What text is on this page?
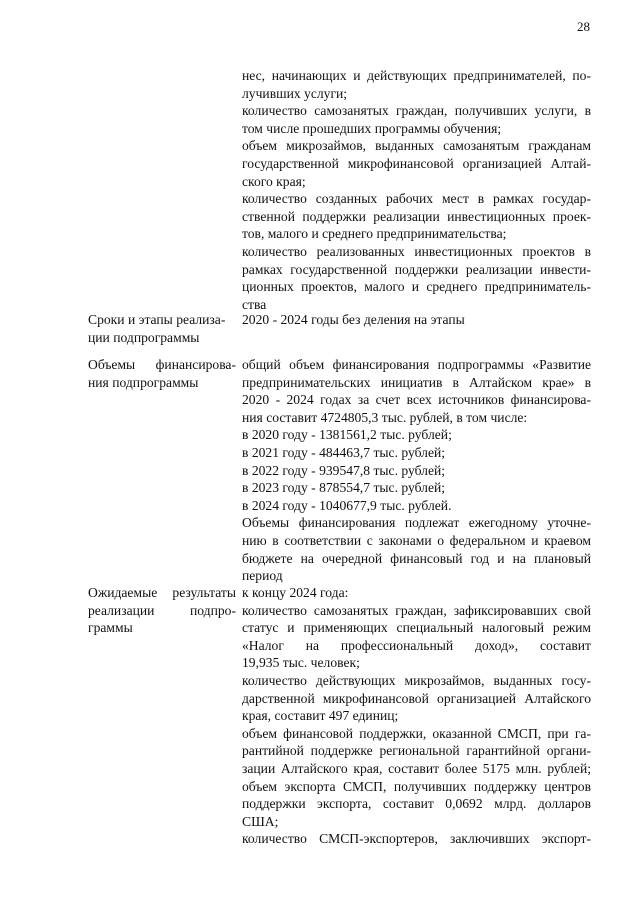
28
нес, начинающих и действующих предпринимателей, по-
лучивших услуги;
количество самозанятых граждан, получивших услуги, в
том числе прошедших программы обучения;
объем микрозаймов, выданных самозанятым гражданам
государственной микрофинансовой организацией Алтай-
ского края;
количество созданных рабочих мест в рамках государ-
ственной поддержки реализации инвестиционных проек-
тов, малого и среднего предпринимательства;
количество реализованных инвестиционных проектов в
рамках государственной поддержки реализации инвести-
ционных проектов, малого и среднего предприниматель-
ства
Сроки и этапы реализа-
ции подпрограммы
2020 - 2024 годы без деления на этапы
Объемы финансирова-
ния подпрограммы
общий объем финансирования подпрограммы «Развитие
предпринимательских инициатив в Алтайском крае» в
2020 - 2024 годах за счет всех источников финансирова-
ния составит 4724805,3 тыс. рублей, в том числе:
в 2020 году - 1381561,2 тыс. рублей;
в 2021 году - 484463,7 тыс. рублей;
в 2022 году - 939547,8 тыс. рублей;
в 2023 году - 878554,7 тыс. рублей;
в 2024 году - 1040677,9 тыс. рублей.
Объемы финансирования подлежат ежегодному уточне-
нию в соответствии с законами о федеральном и краевом
бюджете на очередной финансовый год и на плановый
период
Ожидаемые результаты
реализации	подпро-
граммы
к концу 2024 года:
количество самозанятых граждан, зафиксировавших свой
статус и применяющих специальный налоговый режим
«Налог на профессиональный доход», составит
19,935 тыс. человек;
количество действующих микрозаймов, выданных госу-
дарственной микрофинансовой организацией Алтайского
края, составит 497 единиц;
объем финансовой поддержки, оказанной СМСП, при га-
рантийной поддержке региональной гарантийной органи-
зации Алтайского края, составит более 5175 млн. рублей;
объем экспорта СМСП, получивших поддержку центров
поддержки экспорта, составит 0,0692 млрд. долларов
США;
количество СМСП-экспортеров, заключивших экспорт-
